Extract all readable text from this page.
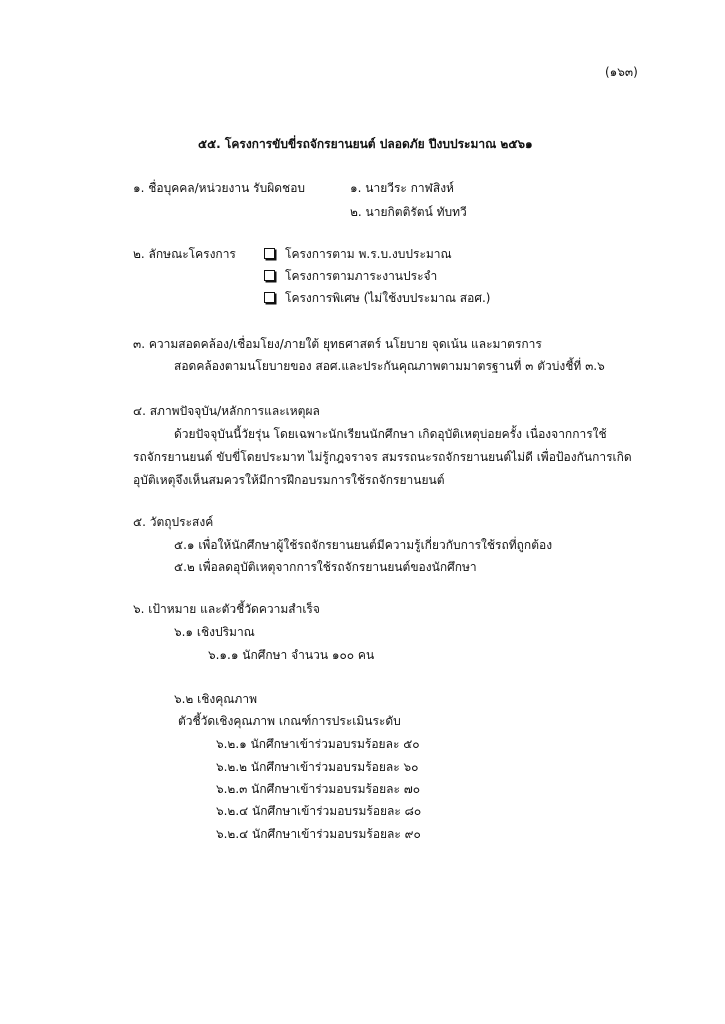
(๑๖๓)
๕๕. โครงการขับขี่รถจักรยานยนต์ ปลอดภัย ปีงบประมาณ ๒๕๖๑
๑. ชื่อบุคคล/หน่วยงาน รับผิดชอบ	๑. นายวีระ กาฬสิงห์
๒. นายกิตติรัตน์ ทับทวี
๒. ลักษณะโครงการ	โครงการตาม พ.ร.บ.งบประมาณ
โครงการตามภาระงานประจำ
โครงการพิเศษ (ไม่ใช้งบประมาณ สอศ.)
๓. ความสอดคล้อง/เชื่อมโยง/ภายใต้ ยุทธศาสตร์ นโยบาย จุดเน้น และมาตรการ
สอดคล้องตามนโยบายของ สอศ.และประกันคุณภาพตามมาตรฐานที่ ๓ ตัวบ่งชี้ที่ ๓.๖
๔. สภาพปัจจุบัน/หลักการและเหตุผล
ด้วยปัจจุบันนี้วัยรุ่น โดยเฉพาะนักเรียนนักศึกษา เกิดอุบัติเหตุบ่อยครั้ง เนื่องจากการใช้
รถจักรยานยนต์ ขับขี่โดยประมาท ไม่รู้กฎจราจร สมรรถนะรถจักรยานยนต์ไม่ดี เพื่อป้องกันการเกิด
อุบัติเหตุจึงเห็นสมควรให้มีการฝึกอบรมการใช้รถจักรยานยนต์
๕. วัตถุประสงค์
๕.๑ เพื่อให้นักศึกษาผู้ใช้รถจักรยานยนต์มีความรู้เกี่ยวกับการใช้รถที่ถูกต้อง
๕.๒ เพื่อลดอุบัติเหตุจากการใช้รถจักรยานยนต์ของนักศึกษา
๖. เป้าหมาย และตัวชี้วัดความสำเร็จ
๖.๑ เชิงปริมาณ
๖.๑.๑ นักศึกษา จำนวน ๑๐๐ คน
๖.๒ เชิงคุณภาพ
ตัวชี้วัดเชิงคุณภาพ เกณฑ์การประเมินระดับ
๖.๒.๑ นักศึกษาเข้าร่วมอบรมร้อยละ ๕๐
๖.๒.๒ นักศึกษาเข้าร่วมอบรมร้อยละ ๖๐
๖.๒.๓ นักศึกษาเข้าร่วมอบรมร้อยละ ๗๐
๖.๒.๔ นักศึกษาเข้าร่วมอบรมร้อยละ ๘๐
๖.๒.๔ นักศึกษาเข้าร่วมอบรมร้อยละ ๙๐
